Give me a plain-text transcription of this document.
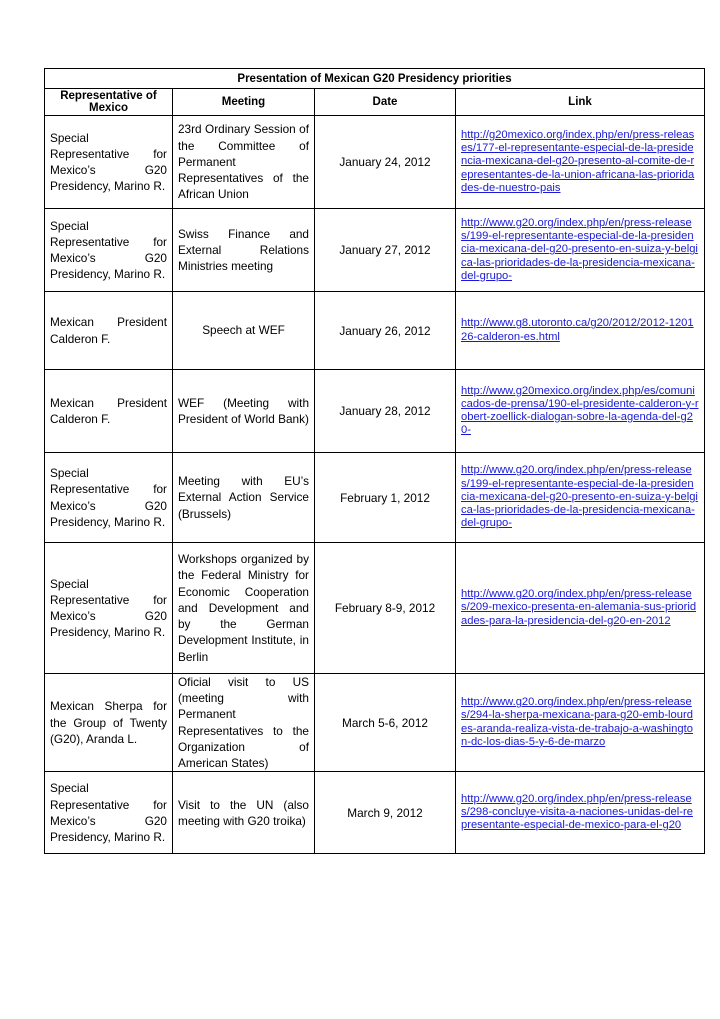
Presentation of Mexican G20 Presidency priorities			
Representative of Mexico	Meeting	Date	Link
Special Representative for Mexico’s G20 Presidency, Marino R.	23rd Ordinary Session of the Committee of Permanent Representatives of the African Union	January 24, 2012	http://g20mexico.org/index.php/en/press-releases/177-el-representante-especial-de-la-presidencia-mexicana-del-g20-presento-al-comite-de-representantes-de-la-union-africana-las-prioridades-de-nuestro-pais
Special Representative for Mexico’s G20 Presidency, Marino R.	Swiss Finance and External Relations Ministries meeting	January 27, 2012	http://www.g20.org/index.php/en/press-releases/199-el-representante-especial-de-la-presidencia-mexicana-del-g20-presento-en-suiza-y-belgica-las-prioridades-de-la-presidencia-mexicana-del-grupo-
Mexican President Calderon F.	Speech at WEF	January 26, 2012	http://www.g8.utoronto.ca/g20/2012/2012-120126-calderon-es.html
Mexican President Calderon F.	WEF (Meeting with President of World Bank)	January 28, 2012	http://www.g20mexico.org/index.php/es/comunicados-de-prensa/190-el-presidente-calderon-y-robert-zoellick-dialogan-sobre-la-agenda-del-g20-
Special Representative for Mexico’s G20 Presidency, Marino R.	Meeting with EU’s External Action Service (Brussels)	February 1, 2012	http://www.g20.org/index.php/en/press-releases/199-el-representante-especial-de-la-presidencia-mexicana-del-g20-presento-en-suiza-y-belgica-las-prioridades-de-la-presidencia-mexicana-del-grupo-
Special Representative for Mexico’s G20 Presidency, Marino R.	Workshops organized by the Federal Ministry for Economic Cooperation and Development and by the German Development Institute, in Berlin	February 8-9, 2012	http://www.g20.org/index.php/en/press-releases/209-mexico-presenta-en-alemania-sus-prioridades-para-la-presidencia-del-g20-en-2012
Mexican Sherpa for the Group of Twenty (G20), Aranda L.	Oficial visit to US (meeting with Permanent Representatives to the Organization of American States)	March 5-6, 2012	http://www.g20.org/index.php/en/press-releases/294-la-sherpa-mexicana-para-g20-emb-lourdes-aranda-realiza-vista-de-trabajo-a-washington-dc-los-dias-5-y-6-de-marzo
Special Representative for Mexico’s G20 Presidency, Marino R.	Visit to the UN (also meeting with G20 troika)	March 9, 2012	http://www.g20.org/index.php/en/press-releases/298-concluye-visita-a-naciones-unidas-del-representante-especial-de-mexico-para-el-g20
